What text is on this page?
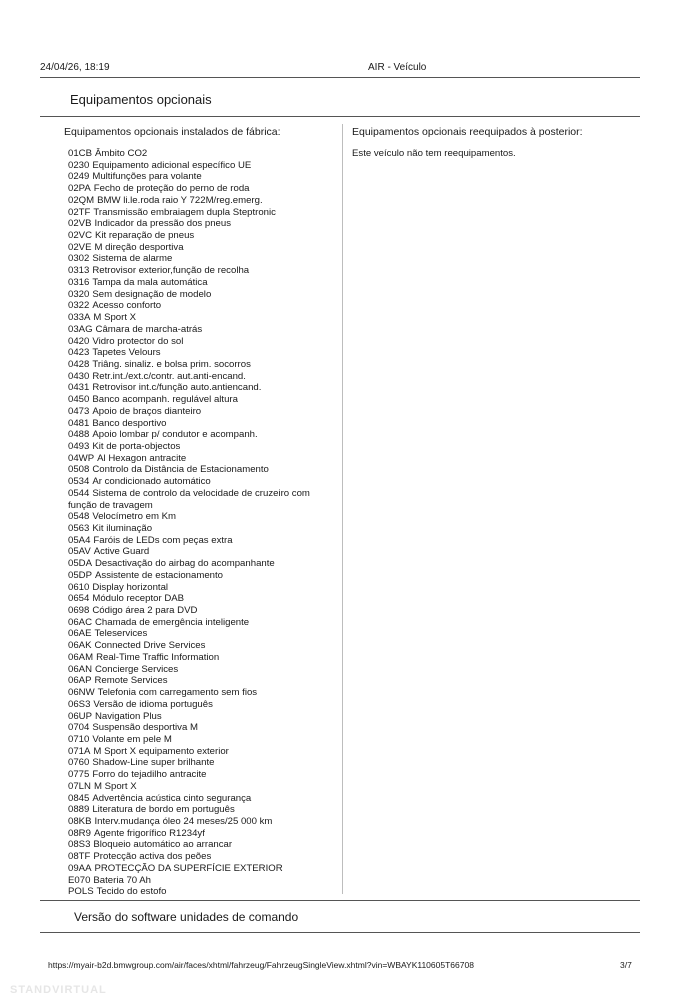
24/04/26, 18:19	AIR - Veículo
Equipamentos opcionais
Equipamentos opcionais instalados de fábrica:
01CB Âmbito CO2
0230 Equipamento adicional específico UE
0249 Multifunções para volante
02PA Fecho de proteção do perno de roda
02QM BMW li.le.roda raio Y 722M/reg.emerg.
02TF Transmissão embraiagem dupla Steptronic
02VB Indicador da pressão dos pneus
02VC Kit reparação de pneus
02VE M direção desportiva
0302 Sistema de alarme
0313 Retrovisor exterior,função de recolha
0316 Tampa da mala automática
0320 Sem designação de modelo
0322 Acesso conforto
033A M Sport X
03AG Câmara de marcha-atrás
0420 Vidro protector do sol
0423 Tapetes Velours
0428 Triâng. sinaliz. e bolsa prim. socorros
0430 Retr.int./ext.c/contr. aut.anti-encand.
0431 Retrovisor int.c/função auto.antiencand.
0450 Banco acompanh. regulável altura
0473 Apoio de braços dianteiro
0481 Banco desportivo
0488 Apoio lombar p/ condutor e acompanh.
0493 Kit de porta-objectos
04WP Al Hexagon antracite
0508 Controlo da Distância de Estacionamento
0534 Ar condicionado automático
0544 Sistema de controlo da velocidade de cruzeiro com função de travagem
0548 Velocímetro em Km
0563 Kit iluminação
05A4 Faróis de LEDs com peças extra
05AV Active Guard
05DA Desactivação do airbag do acompanhante
05DP Assistente de estacionamento
0610 Display horizontal
0654 Módulo receptor DAB
0698 Código área 2 para DVD
06AC Chamada de emergência inteligente
06AE Teleservices
06AK Connected Drive Services
06AM Real-Time Traffic Information
06AN Concierge Services
06AP Remote Services
06NW Telefonia com carregamento sem fios
06S3 Versão de idioma português
06UP Navigation Plus
0704 Suspensão desportiva M
0710 Volante em pele M
071A M Sport X equipamento exterior
0760 Shadow-Line super brilhante
0775 Forro do tejadilho antracite
07LN M Sport X
0845 Advertência acústica cinto segurança
0889 Literatura de bordo em português
08KB Interv.mudança óleo 24 meses/25 000 km
08R9 Agente frigorífico R1234yf
08S3 Bloqueio automático ao arrancar
08TF Protecção activa dos peões
09AA PROTECÇÃO DA SUPERFÍCIE EXTERIOR
E070 Bateria 70 Ah
POLS Tecido do estofo
Equipamentos opcionais reequipados à posterior:
Este veículo não tem reequipamentos.
Versão do software unidades de comando
https://myair-b2d.bmwgroup.com/air/faces/xhtml/fahrzeug/FahrzeugSingleView.xhtml?vin=WBAYK110605T66708	3/7
STANDVIRTUAL
